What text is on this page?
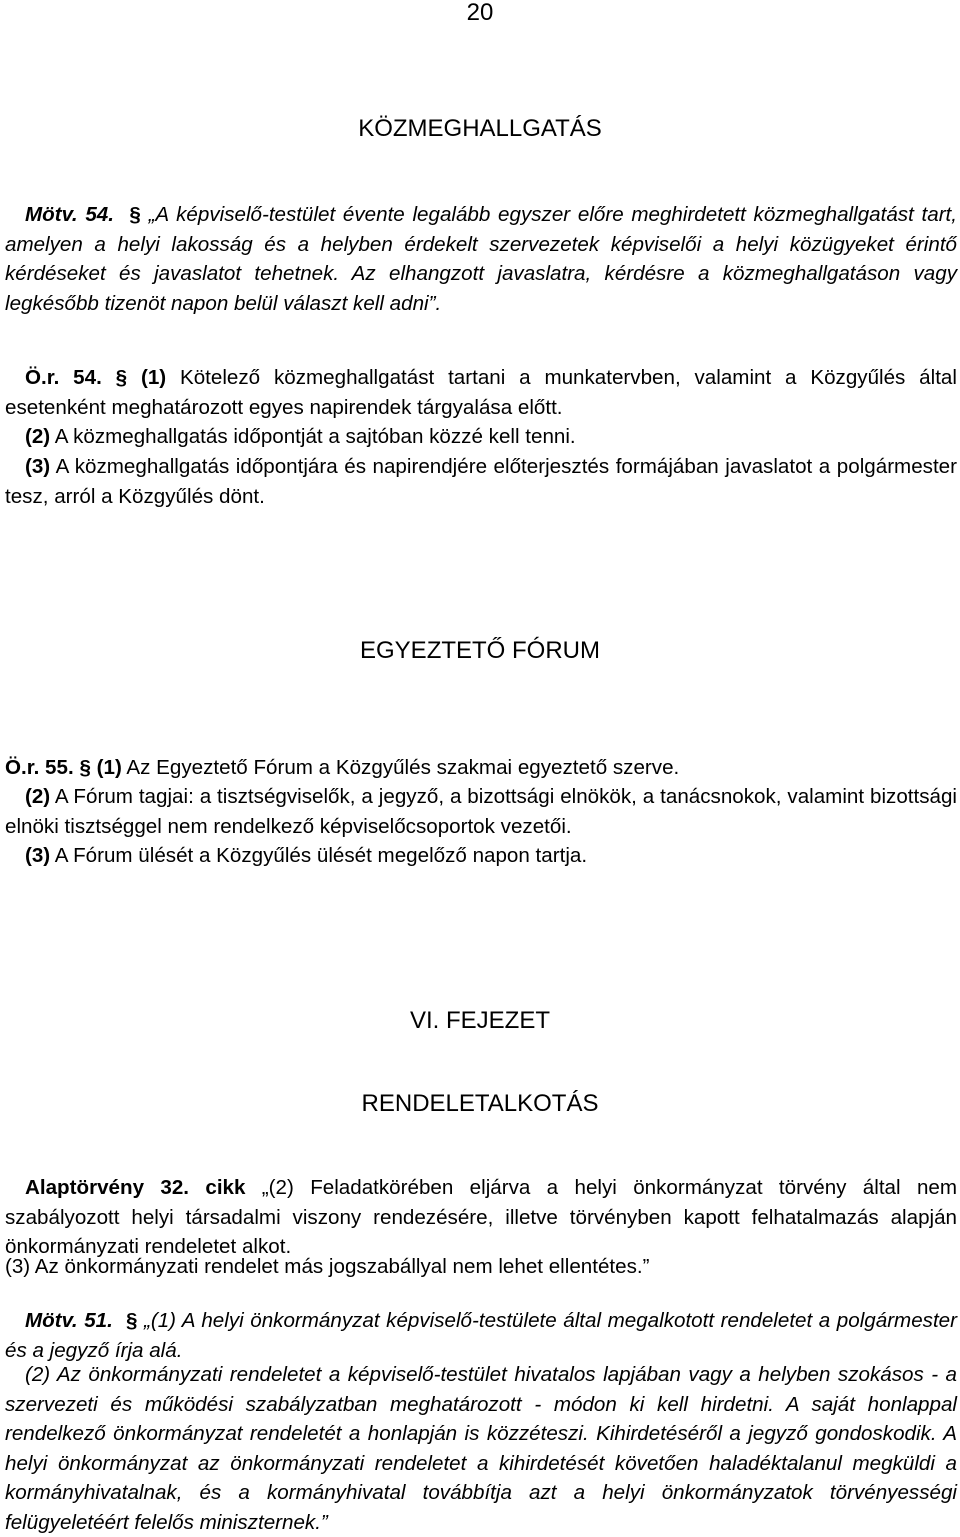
20
KÖZMEGHALLGATÁS
Mötv. 54. § „A képviselő-testület évente legalább egyszer előre meghirdetett közmeghallgatást tart, amelyen a helyi lakosság és a helyben érdekelt szervezetek képviselői a helyi közügyeket érintő kérdéseket és javaslatot tehetnek. Az elhangzott javaslatra, kérdésre a közmeghallgatáson vagy legkésőbb tizenöt napon belül választ kell adni”.
Ö.r. 54. § (1) Kötelező közmeghallgatást tartani a munkatervben, valamint a Közgyűlés által esetenként meghatározott egyes napirendek tárgyalása előtt.
(2) A közmeghallgatás időpontját a sajtóban közzé kell tenni.
(3) A közmeghallgatás időpontjára és napirendjére előterjesztés formájában javaslatot a polgármester tesz, arról a Közgyűlés dönt.
EGYEZTETŐ FÓRUM
Ö.r. 55. § (1) Az Egyeztető Fórum a Közgyűlés szakmai egyeztető szerve.
(2) A Fórum tagjai: a tisztségviselők, a jegyző, a bizottsági elnökök, a tanácsnokok, valamint bizottsági elnöki tisztséggel nem rendelkező képviselőcsoportok vezetői.
(3) A Fórum ülését a Közgyűlés ülését megelőző napon tartja.
VI. FEJEZET
RENDELETALKOTÁS
Alaptörvény 32. cikk „(2) Feladatkörében eljárva a helyi önkormányzat törvény által nem szabályozott helyi társadalmi viszony rendezésére, illetve törvényben kapott felhatalmazás alapján önkormányzati rendeletet alkot.
(3) Az önkormányzati rendelet más jogszabállyal nem lehet ellentétes.”
Mötv. 51. § „(1) A helyi önkormányzat képviselő-testülete által megalkotott rendeletet a polgármester és a jegyző írja alá.
(2) Az önkormányzati rendeletet a képviselő-testület hivatalos lapjában vagy a helyben szokásos - a szervezeti és működési szabályzatban meghatározott - módon ki kell hirdetni. A saját honlappal rendelkező önkormányzat rendeletét a honlapján is közzéteszi. Kihirdetéséről a jegyző gondoskodik. A helyi önkormányzat az önkormányzati rendeletet a kihirdetését követően haladéktalanul megküldi a kormányhivatalnak, és a kormányhivatal továbbítja azt a helyi önkormányzatok törvényességi felügyeletéért felelős miniszternek.”
